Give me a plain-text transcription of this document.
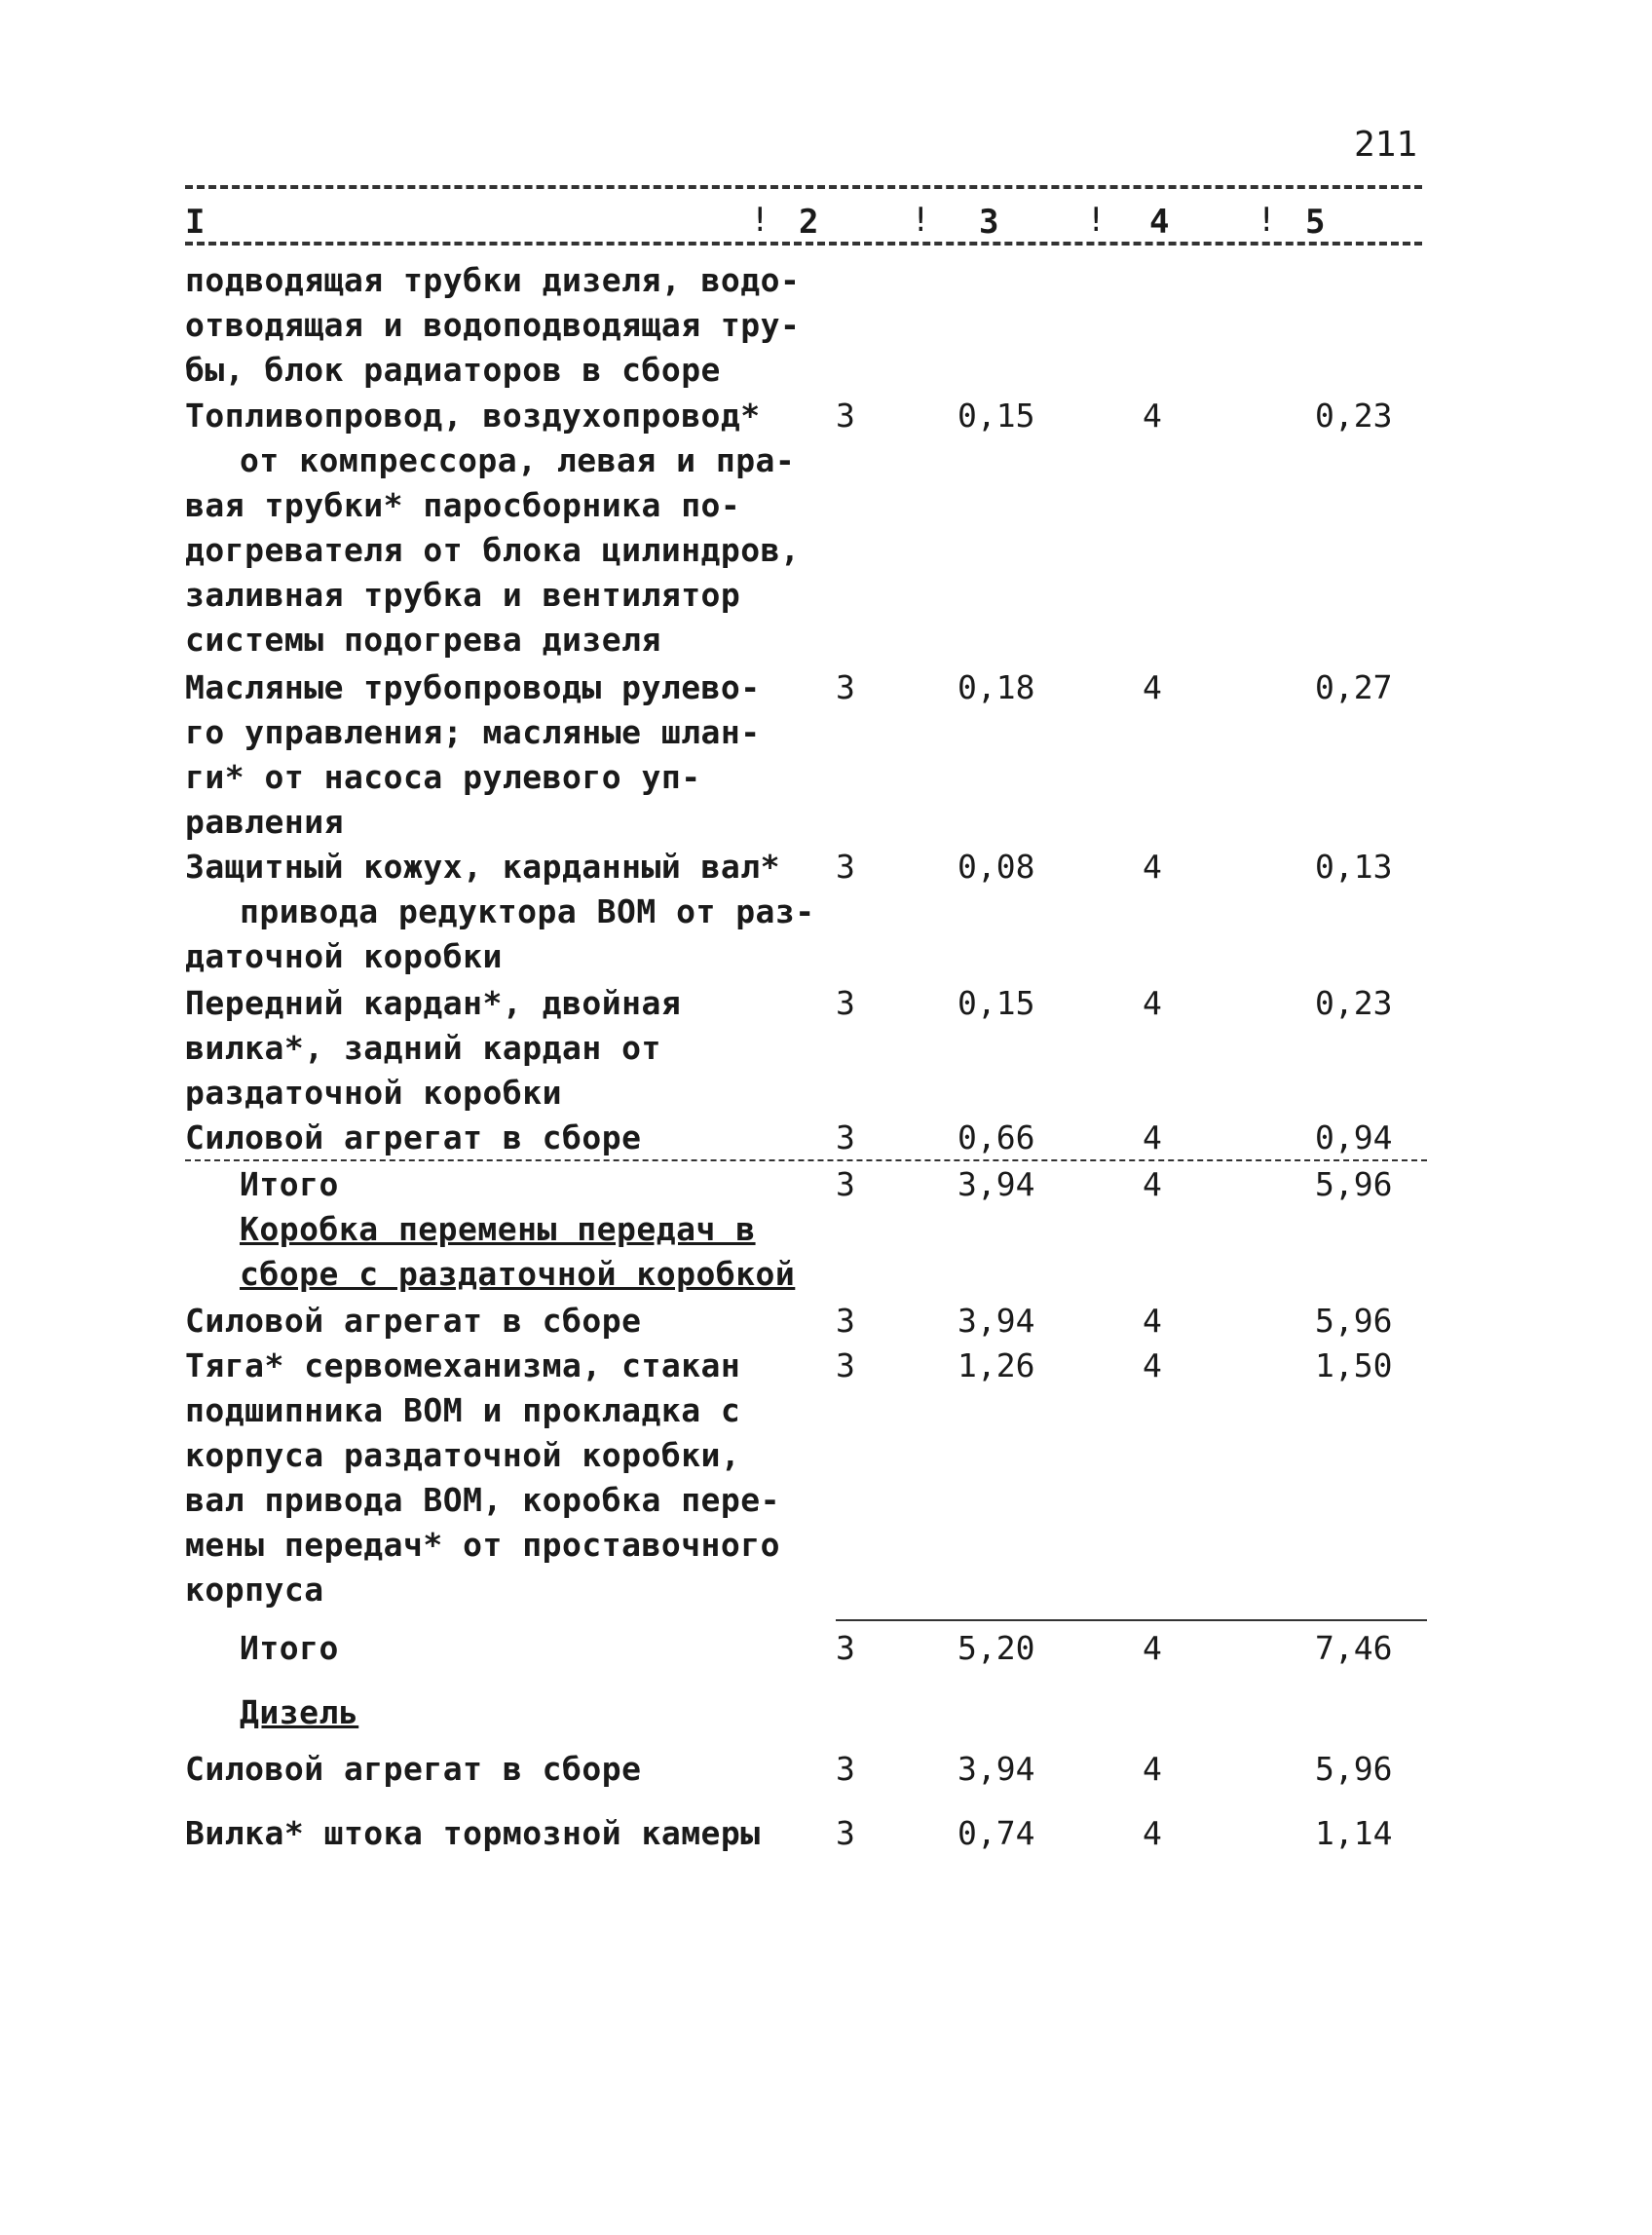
211
I	2	3	4	5
!	!	!	!
подводящая трубки дизеля, водо-
отводящая и водоподводящая тру-
бы, блок радиаторов в сборе
Топливопровод, воздухопровод* 3	0,15	4	0,23
от компрессора, левая и пра-
вая трубки* паросборника по-
догревателя от блока цилиндров,
заливная трубка и вентилятор
системы подогрева дизеля
Масляные трубопроводы рулево- 3	0,18	4	0,27
го управления; масляные шлан-
ги* от насоса рулевого уп-
равления
Защитный кожух, карданный вал* 3	0,08	4	0,13
привода редуктора ВОМ от раз-
даточной коробки
Передний кардан*, двойная	3	0,15	4	0,23
вилка*, задний кардан от
раздаточной коробки
Силовой агрегат в сборе	3	0,66	4	0,94
Итого	3	3,94	4	5,96
Коробка перемены передач в
сборе с раздаточной коробкой
Силовой агрегат в сборе	3	3,94	4	5,96
Тяга* сервомеханизма, стакан	3	1,26	4	1,50
подшипника ВОМ и прокладка с
корпуса раздаточной коробки,
вал привода ВОМ, коробка пере-
мены передач* от проставочного
корпуса
Итого	3	5,20	4	7,46
Дизель
Силовой агрегат в сборе	3	3,94	4	5,96
Вилка* штока тормозной камеры 3	0,74	4	1,14
